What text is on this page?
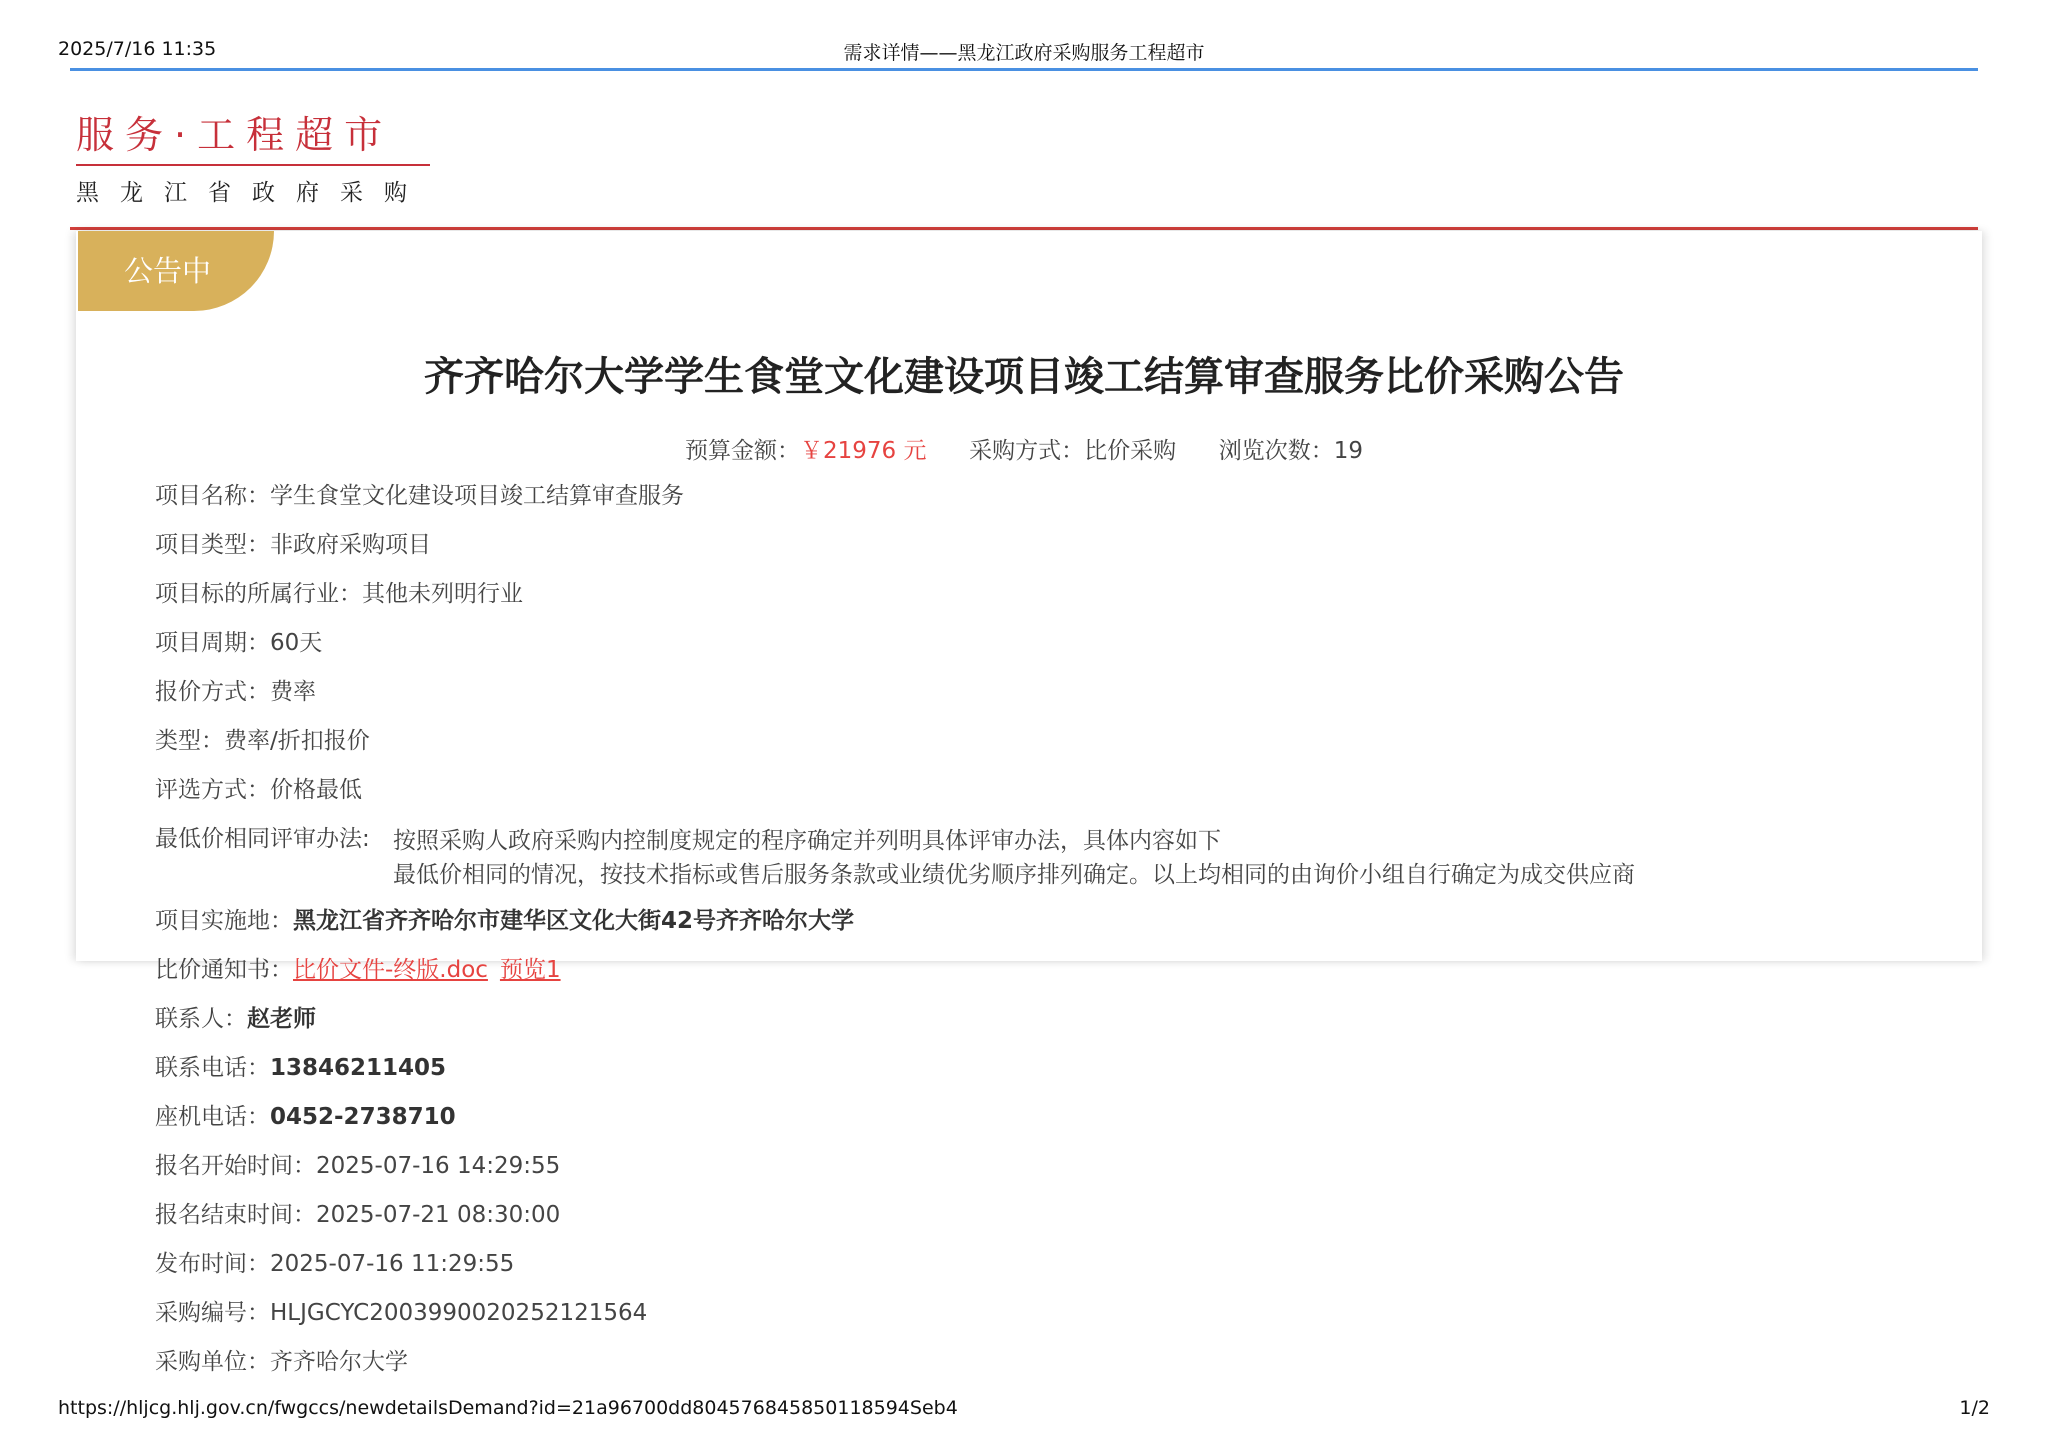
2025/7/16 11:35	需求详情——黑龙江政府采购服务工程超市
服务·工程超市
黑龙江省政府采购
公告中
齐齐哈尔大学学生食堂文化建设项目竣工结算审查服务比价采购公告
预算金额：￥21976 元 采购方式：比价采购 浏览次数：19
项目名称：学生食堂文化建设项目竣工结算审查服务
项目类型：非政府采购项目
项目标的所属行业：其他未列明行业
项目周期：60天
报价方式：费率
类型：费率/折扣报价
评选方式：价格最低
最低价相同评审办法:	按照采购人政府采购内控制度规定的程序确定并列明具体评审办法，具体内容如下
最低价相同的情况，按技术指标或售后服务条款或业绩优劣顺序排列确定。以上均相同的由询价小组自行确定为成交供应商
项目实施地：黑龙江省齐齐哈尔市建华区文化大街42号齐齐哈尔大学
比价通知书：比价文件-终版.doc 预览1
联系人：赵老师
联系电话：13846211405
座机电话：0452-2738710
报名开始时间：2025-07-16 14:29:55
报名结束时间：2025-07-21 08:30:00
发布时间：2025-07-16 11:29:55
采购编号：HLJGCYC2003990020252121564
采购单位：齐齐哈尔大学
https://hljcg.hlj.gov.cn/fwgccs/newdetailsDemand?id=21a96700dd804576845850118594Seb4	1/2
